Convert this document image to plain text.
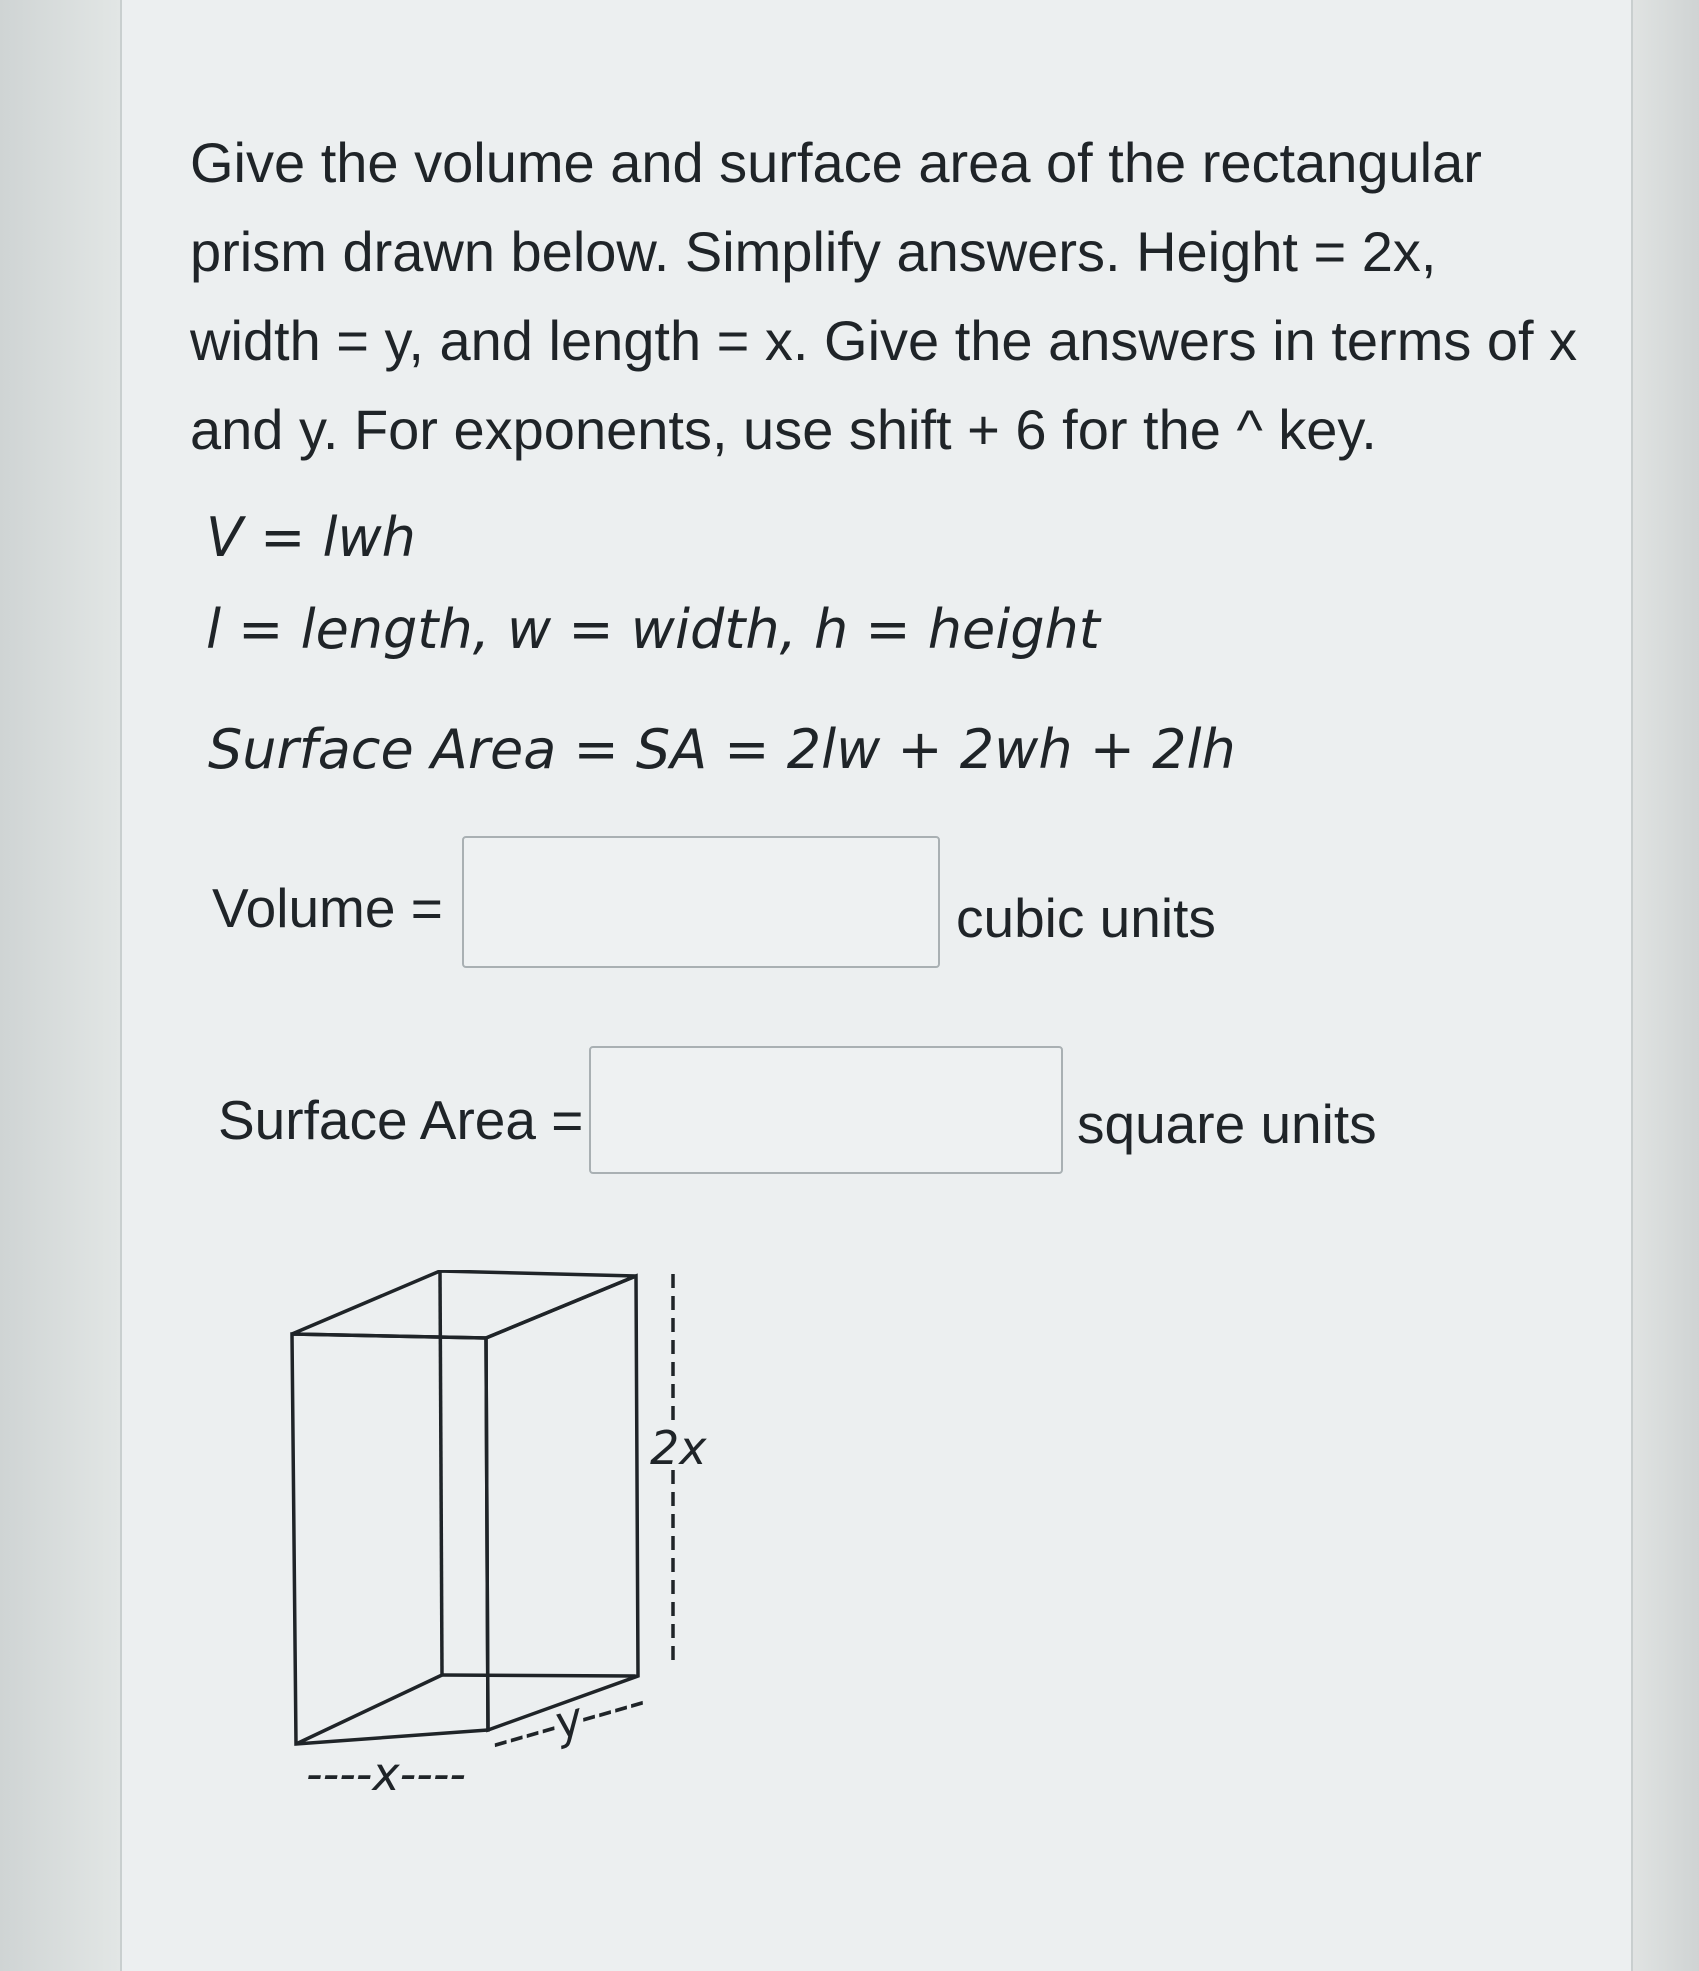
Give the volume and surface area of the rectangular
prism drawn below. Simplify answers. Height = 2x,
width = y, and length = x. Give the answers in terms of x
and y. For exponents, use shift + 6 for the ^ key.
V = lwh
l = length, w = width, h = height
Surface Area = SA = 2lw + 2wh + 2lh
Volume =	cubic units
Surface Area =	square units
2x
----x----
----y----
